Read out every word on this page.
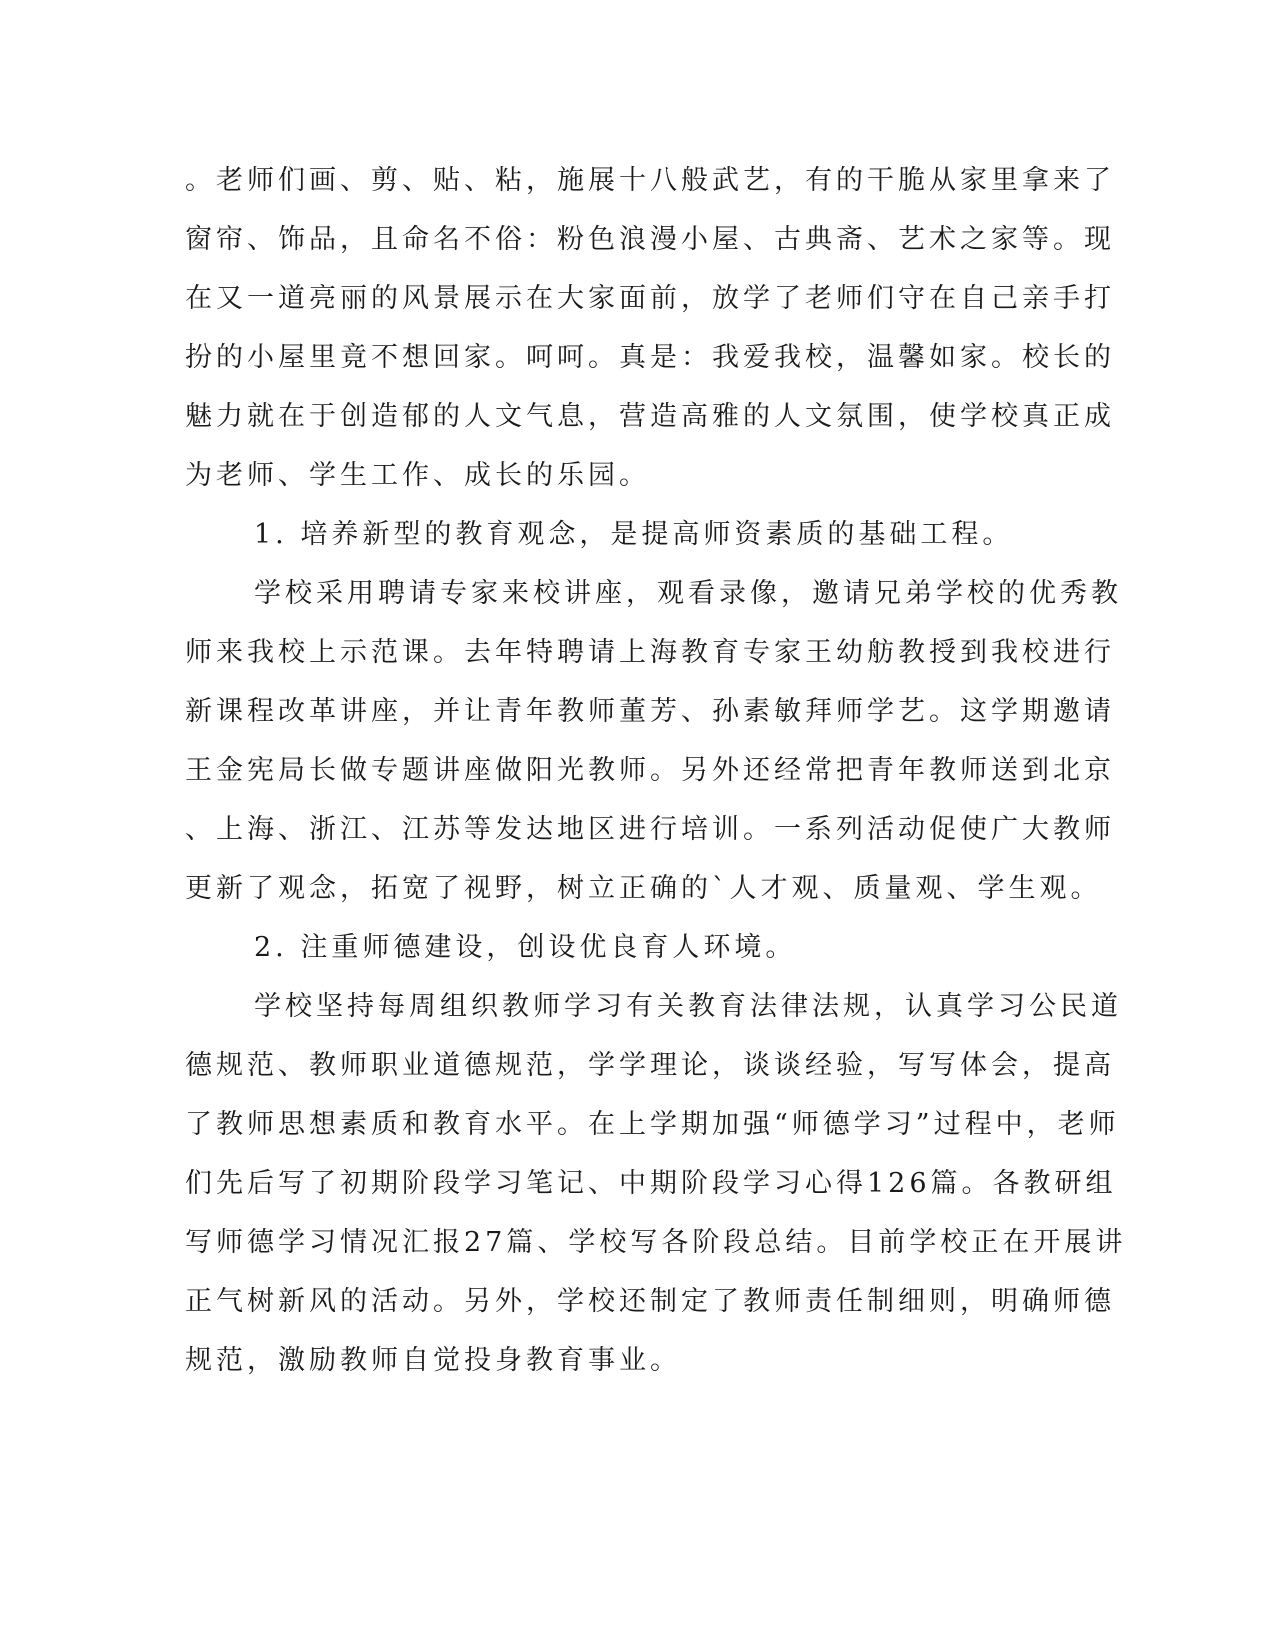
。老师们画、剪、贴、粘，施展十八般武艺，有的干脆从家里拿来了
窗帘、饰品，且命名不俗：粉色浪漫小屋、古典斋、艺术之家等。现
在又一道亮丽的风景展示在大家面前，放学了老师们守在自己亲手打
扮的小屋里竟不想回家。呵呵。真是：我爱我校，温馨如家。校长的
魅力就在于创造郁的人文气息，营造高雅的人文氛围，使学校真正成
为老师、学生工作、成长的乐园。
1. 培养新型的教育观念，是提高师资素质的基础工程。
学校采用聘请专家来校讲座，观看录像，邀请兄弟学校的优秀教
师来我校上示范课。去年特聘请上海教育专家王幼舫教授到我校进行
新课程改革讲座，并让青年教师董芳、孙素敏拜师学艺。这学期邀请
王金宪局长做专题讲座做阳光教师。另外还经常把青年教师送到北京
、上海、浙江、江苏等发达地区进行培训。一系列活动促使广大教师
更新了观念，拓宽了视野，树立正确的`人才观、质量观、学生观。
2. 注重师德建设，创设优良育人环境。
学校坚持每周组织教师学习有关教育法律法规，认真学习公民道
德规范、教师职业道德规范，学学理论，谈谈经验，写写体会，提高
了教师思想素质和教育水平。在上学期加强“师德学习”过程中，老师
们先后写了初期阶段学习笔记、中期阶段学习心得126篇。各教研组
写师德学习情况汇报27篇、学校写各阶段总结。目前学校正在开展讲
正气树新风的活动。另外，学校还制定了教师责任制细则，明确师德
规范，激励教师自觉投身教育事业。
